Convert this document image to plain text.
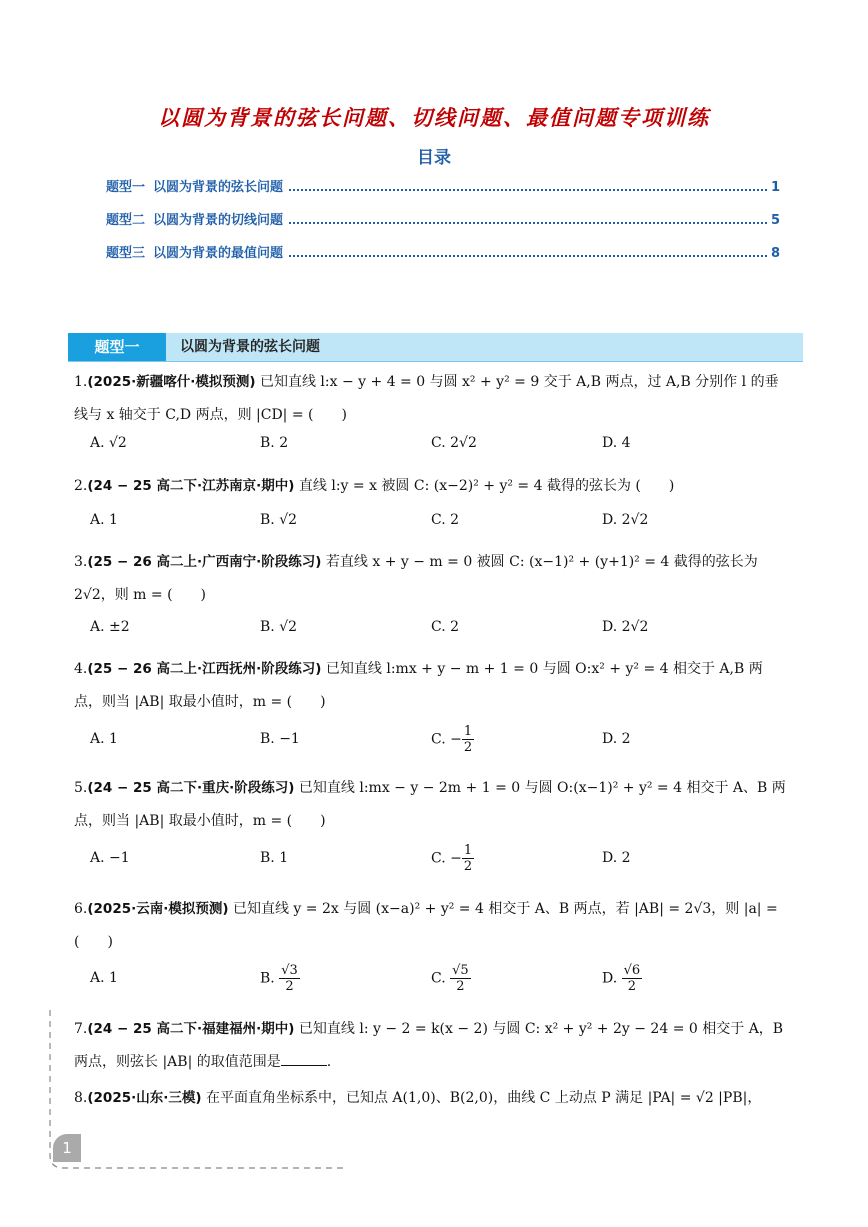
以圆为背景的弦长问题、切线问题、最值问题专项训练
目录
题型一 以圆为背景的弦长问题	1
题型二 以圆为背景的切线问题	5
题型三 以圆为背景的最值问题	8
题型一	以圆为背景的弦长问题

1.(2025·新疆喀什·模拟预测) 已知直线 l:x − y + 4 = 0 与圆 x² + y² = 9 交于 A,B 两点，过 A,B 分别作 l 的垂

线与 x 轴交于 C,D 两点，则 |CD| = (　　)

A. √2	B. 2	C. 2√2	D. 4

2.(24 − 25 高二下·江苏南京·期中) 直线 l:y = x 被圆 C: (x−2)² + y² = 4 截得的弦长为 (　　)

A. 1	B. √2	C. 2	D. 2√2

3.(25 − 26 高二上·广西南宁·阶段练习) 若直线 x + y − m = 0 被圆 C: (x−1)² + (y+1)² = 4 截得的弦长为

2√2，则 m = (　　)

A. ±2	B. √2	C. 2	D. 2√2

4.(25 − 26 高二上·江西抚州·阶段练习) 已知直线 l:mx + y − m + 1 = 0 与圆 O:x² + y² = 4 相交于 A,B 两

点，则当 |AB| 取最小值时，m = (　　)

A. 1	B. −1	C. − $\frac{1}{2}$	D. 2

5.(24 − 25 高二下·重庆·阶段练习) 已知直线 l:mx − y − 2m + 1 = 0 与圆 O:(x−1)² + y² = 4 相交于 A、B 两

点，则当 |AB| 取最小值时，m = (　　)

A. −1	B. 1	C. − $\frac{1}{2}$	D. 2

6.(2025·云南·模拟预测) 已知直线 y = 2x 与圆 (x−a)² + y² = 4 相交于 A、B 两点，若 |AB| = 2√3，则 |a| =

(　　)

A. 1	B. $\frac{√3}{2}$	C. $\frac{√5}{2}$	D. $\frac{√6}{2}$

7.(24 − 25 高二下·福建福州·期中) 已知直线 l: y − 2 = k(x − 2) 与圆 C: x² + y² + 2y − 24 = 0 相交于 A，B

两点，则弦长 |AB| 的取值范围是	.

8.(2025·山东·三模) 在平面直角坐标系中，已知点 A(1,0)、B(2,0)，曲线 C 上动点 P 满足 |PA| = √2 |PB|，

1
